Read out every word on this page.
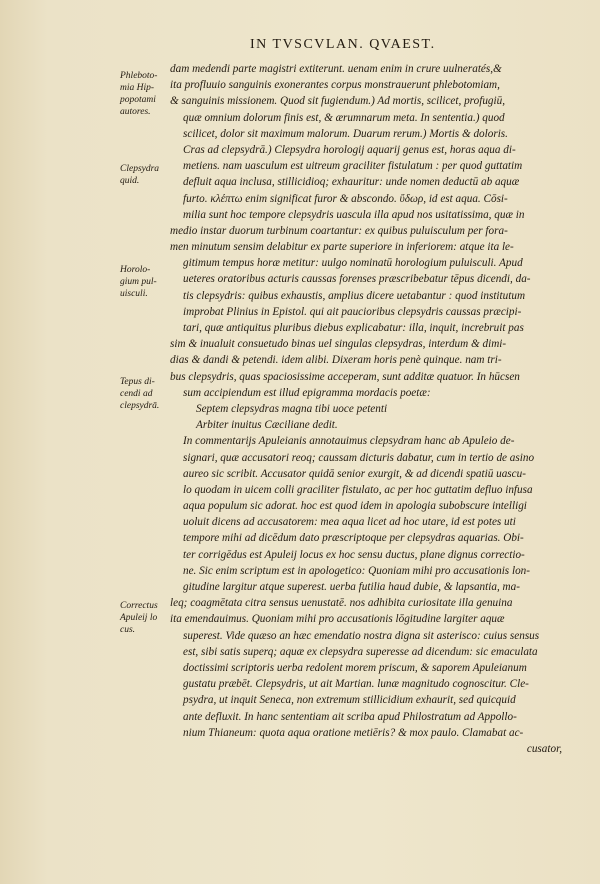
IN TVSCVLAN. QVAEST.
Phleboto-
mia Hip-
popotami
autores.
Clepsydra
quid.
Horolo-
gium pul-
uisculi.
Tepus di-
cendi ad
clepsydrā.
Correctus
Apuleij lo
cus.
dam medendi parte magistri extiterunt. uenam enim in crure uulneratés,&
ita profluuio sanguinis exonerantes corpus monstrauerunt phlebotomiam,
& sanguinis missionem. Quod sit fugiendum.) Ad mortis, scilicet, profugiū,
quæ omnium dolorum finis est, & ærumnarum meta. In sententia.) quod
scilicet, dolor sit maximum malorum. Duarum rerum.) Mortis & doloris.
Cras ad clepsydrā.) Clepsydra horologij aquarij genus est, horas aqua di-
metiens. nam uasculum est uitreum graciliter fistulatum : per quod guttatim
defluit aqua inclusa, stillicidioq; exhauritur: unde nomen deductū ab aquæ
furto. κλέπτω enim significat furor & abscondo. ὕδωρ, id est aqua. Cōsi-
milia sunt hoc tempore clepsydris uascula illa apud nos usitatissima, quæ in
medio instar duorum turbinum coartantur: ex quibus puluisculum per fora-
men minutum sensim delabitur ex parte superiore in inferiorem: atque ita le-
gitimum tempus horæ metitur: uulgo nominatū horologium puluisculi. Apud
ueteres oratoribus acturis caussas forenses præscribebatur tēpus dicendi, da-
tis clepsydris: quibus exhaustis, amplius dicere uetabantur : quod institutum
improbat Plinius in Epistol. qui ait paucioribus clepsydris caussas præcipi-
tari, quæ antiquitus pluribus diebus explicabatur: illa, inquit, increbruit pas
sim & inualuit consuetudo binas uel singulas clepsydras, interdum & dimi-
dias & dandi & petendi. idem alibi. Dixeram horis penè quinque. nam tri-
bus clepsydris, quas spaciosissime acceperam, sunt additæ quatuor. In hūcsen
sum accipiendum est illud epigramma mordacis poetæ:
Septem clepsydras magna tibi uoce petenti
Arbiter inuitus Cæciliane dedit.
In commentarijs Apuleianis annotauimus clepsydram hanc ab Apuleio de-
signari, quæ accusatori reoq; caussam dicturis dabatur, cum in tertio de asino
aureo sic scribit. Accusator quidā senior exurgit, & ad dicendi spatiū uascu-
lo quodam in uicem colli graciliter fistulato, ac per hoc guttatim defluo infusa
aqua populum sic adorat. hoc est quod idem in apologia subobscure intelligi
uoluit dicens ad accusatorem: mea aqua licet ad hoc utare, id est potes uti
tempore mihi ad dicēdum dato præscriptoque per clepsydras aquarias. Obi-
ter corrigēdus est Apuleij locus ex hoc sensu ductus, plane dignus correctio-
ne. Sic enim scriptum est in apologetico: Quoniam mihi pro accusationis lon-
gitudine largitur atque superest. uerba futilia haud dubie, & lapsantia, ma-
leq; coagmētata citra sensus uenustatē. nos adhibita curiositate illa genuina
ita emendauimus. Quoniam mihi pro accusationis lōgitudine largiter aquæ
superest. Vide quæso an hæc emendatio nostra digna sit asterisco: cuius sensus
est, sibi satis superq; aquæ ex clepsydra superesse ad dicendum: sic emaculata
doctissimi scriptoris uerba redolent morem priscum, & saporem Apuleianum
gustatu præbēt. Clepsydris, ut ait Martian. lunæ magnitudo cognoscitur. Cle-
psydra, ut inquit Seneca, non extremum stillicidium exhaurit, sed quicquid
ante defluxit. In hanc sententiam ait scriba apud Philostratum ad Appollo-
nium Thianeum: quota aqua oratione metiēris? & mox paulo. Clamabat ac-
cusator,
